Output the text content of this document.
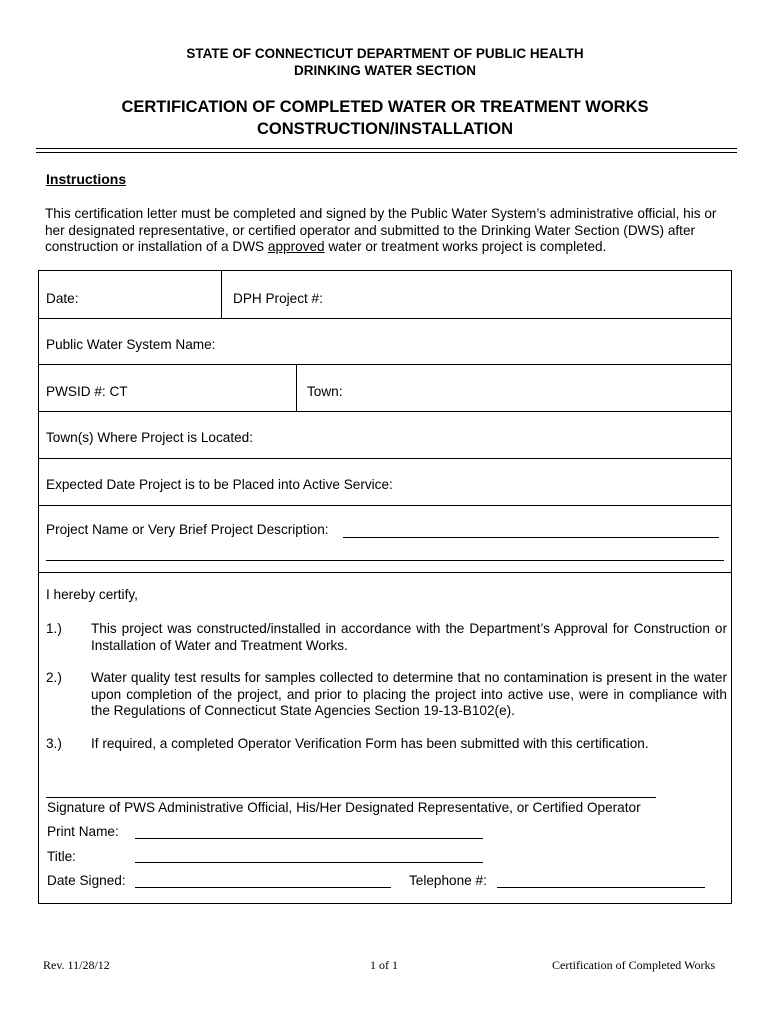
STATE OF CONNECTICUT DEPARTMENT OF PUBLIC HEALTH
DRINKING WATER SECTION
CERTIFICATION OF COMPLETED WATER OR TREATMENT WORKS
CONSTRUCTION/INSTALLATION
Instructions
This certification letter must be completed and signed by the Public Water System’s administrative official, his or her designated representative, or certified operator and submitted to the Drinking Water Section (DWS) after construction or installation of a DWS approved water or treatment works project is completed.
Date:	DPH Project #:
Public Water System Name:
PWSID #: CT	Town:
Town(s) Where Project is Located:
Expected Date Project is to be Placed into Active Service:
Project Name or Very Brief Project Description:
I hereby certify,
1.) This project was constructed/installed in accordance with the Department’s Approval for Construction or Installation of Water and Treatment Works.
2.) Water quality test results for samples collected to determine that no contamination is present in the water upon completion of the project, and prior to placing the project into active use, were in compliance with the Regulations of Connecticut State Agencies Section 19-13-B102(e).
3.) If required, a completed Operator Verification Form has been submitted with this certification.
Signature of PWS Administrative Official, His/Her Designated Representative, or Certified Operator
Print Name:
Title:
Date Signed:	Telephone #:
Rev. 11/28/12	1 of 1	Certification of Completed Works
